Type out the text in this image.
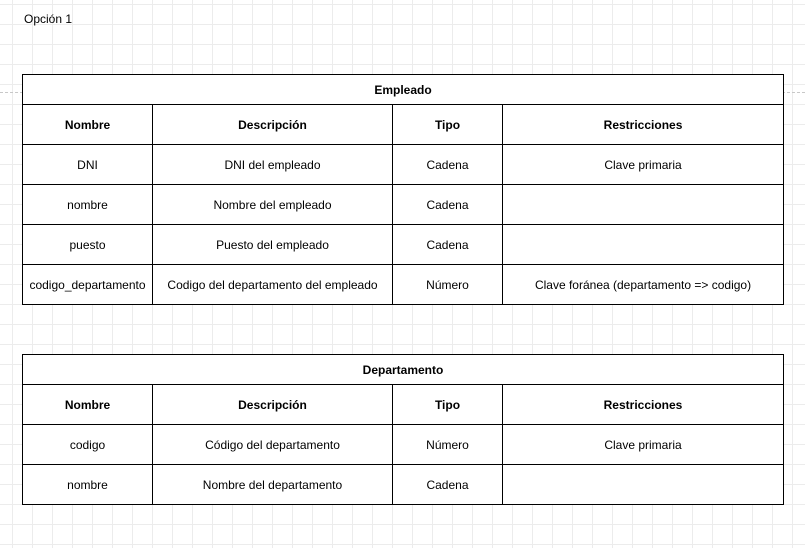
Opción 1
Empleado			
Nombre	Descripción	Tipo	Restricciones
DNI	DNI del empleado	Cadena	Clave primaria
nombre	Nombre del empleado	Cadena	
puesto	Puesto del empleado	Cadena	
codigo_departamento	Codigo del departamento del empleado	Número	Clave foránea (departamento => codigo)
Departamento			
Nombre	Descripción	Tipo	Restricciones
codigo	Código del departamento	Número	Clave primaria
nombre	Nombre del departamento	Cadena	
